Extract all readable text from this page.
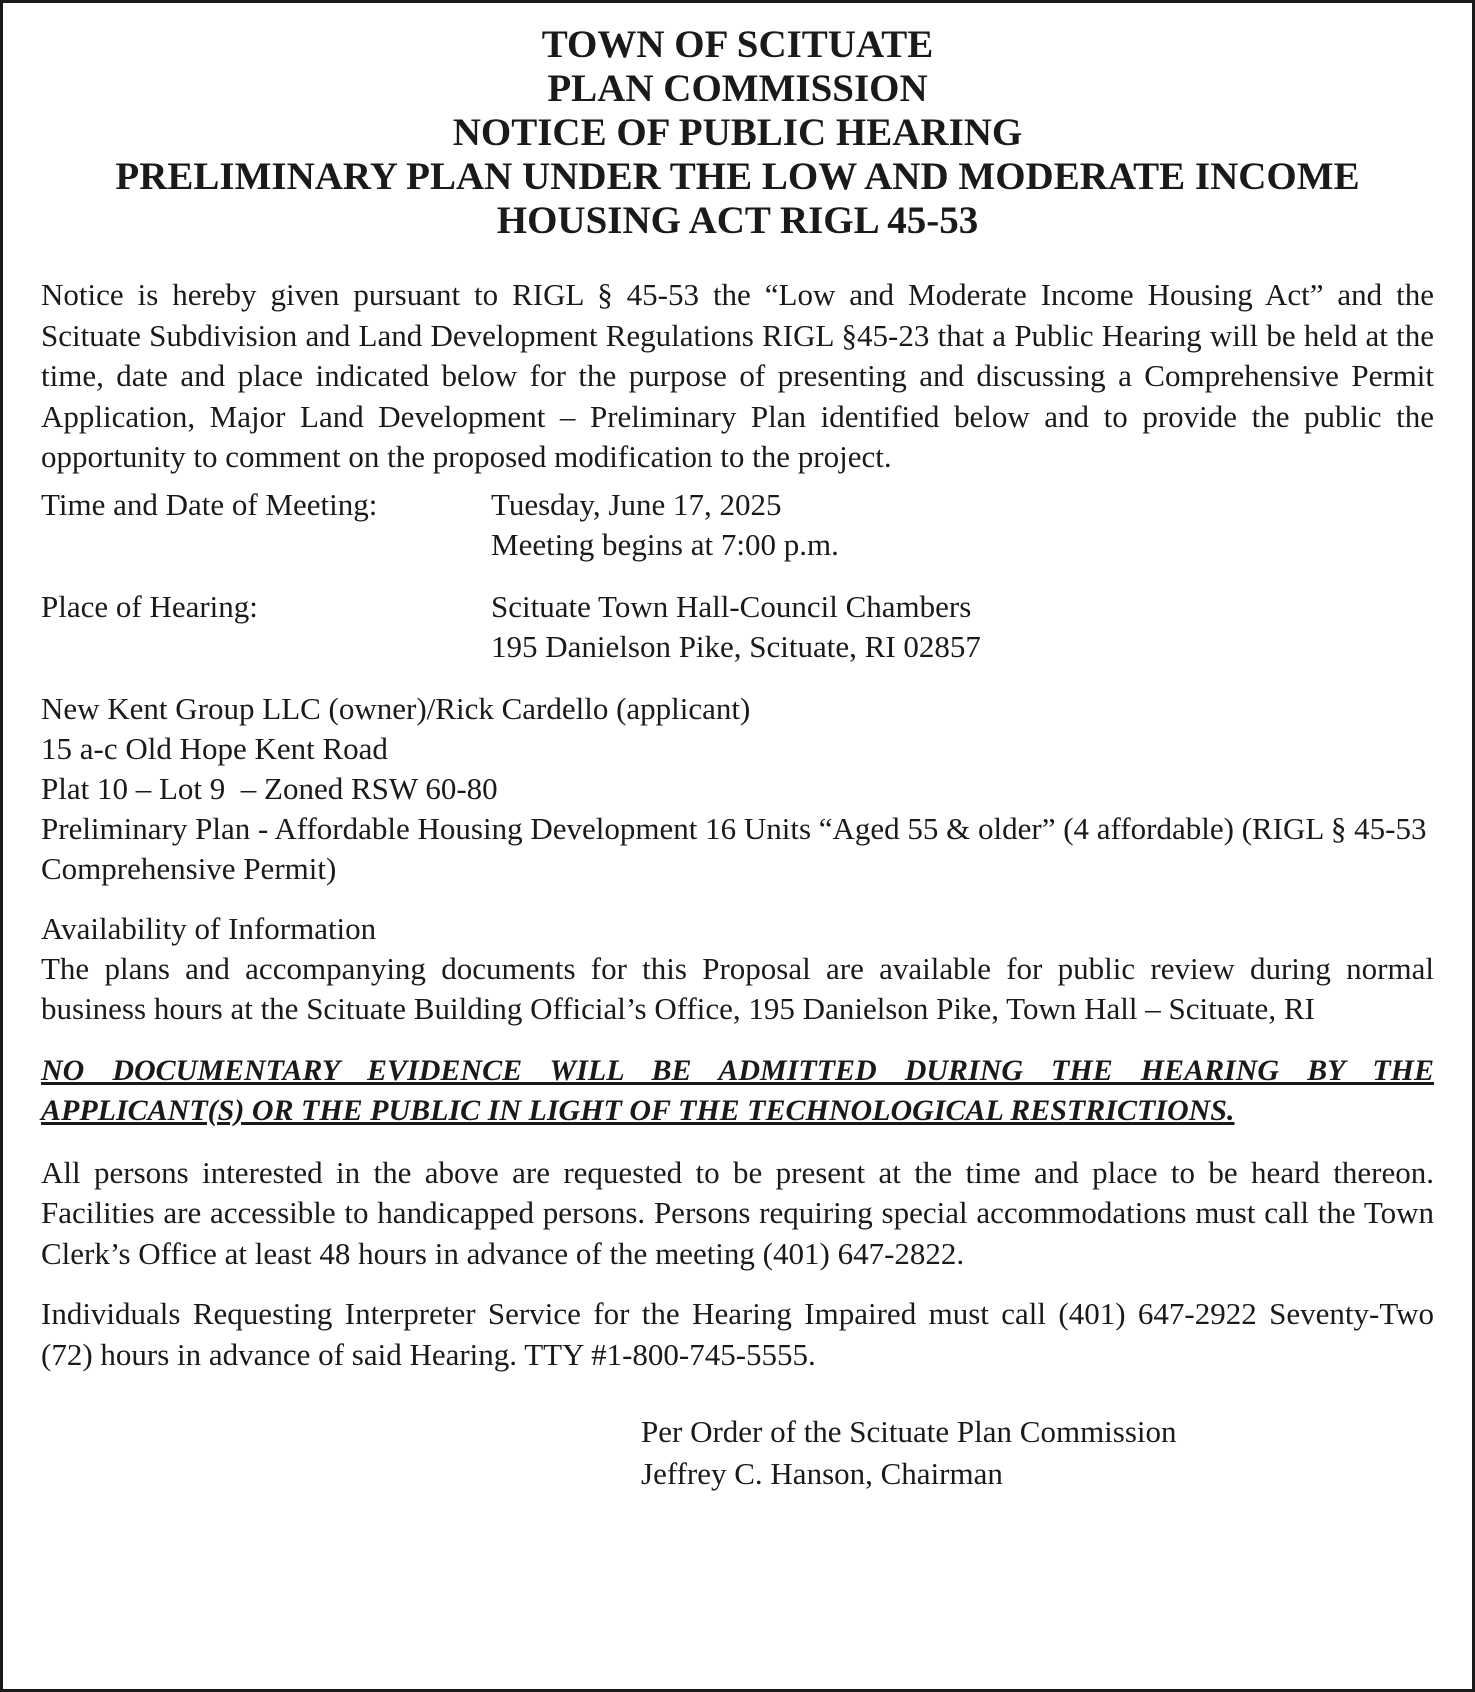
TOWN OF SCITUATE
PLAN COMMISSION
NOTICE OF PUBLIC HEARING
PRELIMINARY PLAN UNDER THE LOW AND MODERATE INCOME
HOUSING ACT RIGL 45-53

Notice is hereby given pursuant to RIGL § 45-53 the “Low and Moderate Income Housing Act” and the Scituate Subdivision and Land Development Regulations RIGL §45-23 that a Public Hearing will be held at the time, date and place indicated below for the purpose of presenting and discussing a Comprehensive Permit Application, Major Land Development – Preliminary Plan identified below and to provide the public the opportunity to comment on the proposed modification to the project.

Time and Date of Meeting:	Tuesday, June 17, 2025
Meeting begins at 7:00 p.m.
Place of Hearing:	Scituate Town Hall-Council Chambers
195 Danielson Pike, Scituate, RI 02857
New Kent Group LLC (owner)/Rick Cardello (applicant)
15 a-c Old Hope Kent Road
Plat 10 – Lot 9  – Zoned RSW 60-80
Preliminary Plan - Affordable Housing Development 16 Units “Aged 55 & older” (4 affordable) (RIGL § 45-53 Comprehensive Permit)
Availability of Information
The plans and accompanying documents for this Proposal are available for public review during normal business hours at the Scituate Building Official’s Office, 195 Danielson Pike, Town Hall – Scituate, RI
NO DOCUMENTARY EVIDENCE WILL BE ADMITTED DURING THE HEARING BY THE APPLICANT(S) OR THE PUBLIC IN LIGHT OF THE TECHNOLOGICAL RESTRICTIONS.

All persons interested in the above are requested to be present at the time and place to be heard thereon. Facilities are accessible to handicapped persons. Persons requiring special accommodations must call the Town Clerk’s Office at least 48 hours in advance of the meeting (401) 647-2822.

Individuals Requesting Interpreter Service for the Hearing Impaired must call (401) 647-2922 Seventy-Two (72) hours in advance of said Hearing. TTY #1-800-745-5555.

Per Order of the Scituate Plan Commission
Jeffrey C. Hanson, Chairman
